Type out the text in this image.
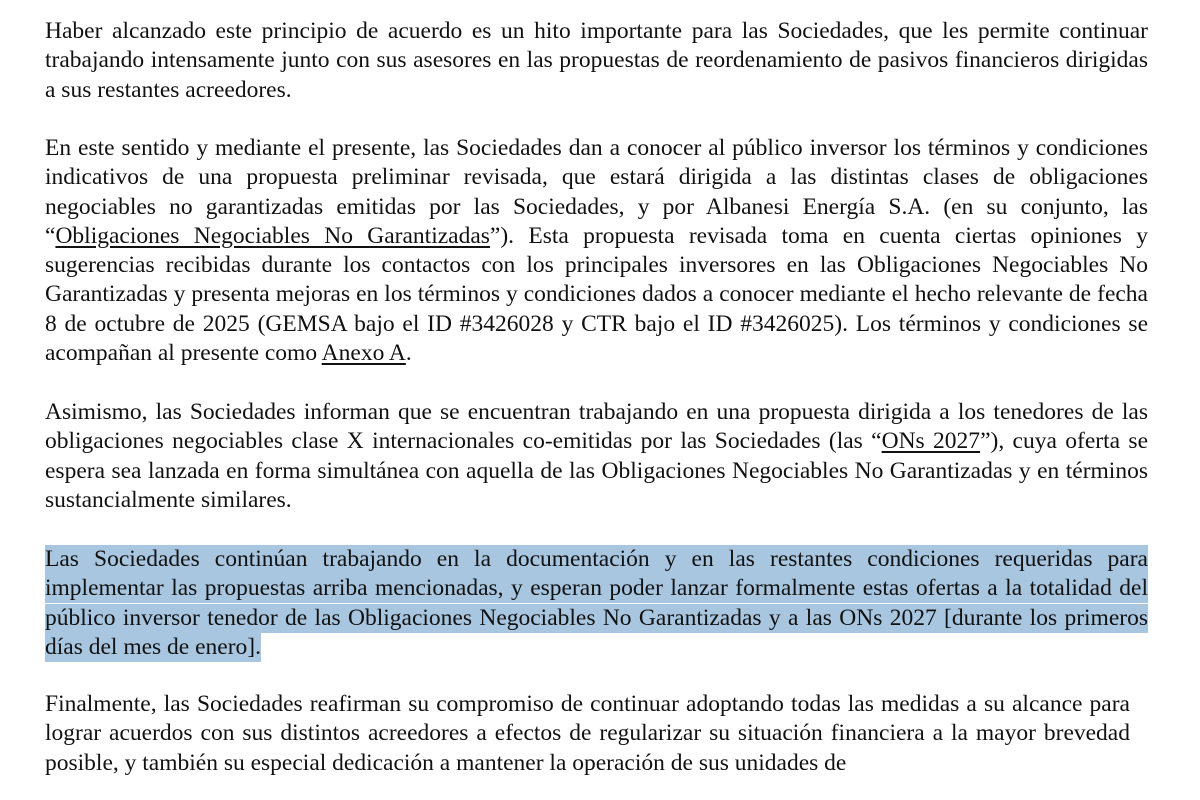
Haber alcanzado este principio de acuerdo es un hito importante para las Sociedades, que les permite continuar trabajando intensamente junto con sus asesores en las propuestas de reordenamiento de pasivos financieros dirigidas a sus restantes acreedores.

En este sentido y mediante el presente, las Sociedades dan a conocer al público inversor los términos y condiciones indicativos de una propuesta preliminar revisada, que estará dirigida a las distintas clases de obligaciones negociables no garantizadas emitidas por las Sociedades, y por Albanesi Energía S.A. (en su conjunto, las “Obligaciones Negociables No Garantizadas”). Esta propuesta revisada toma en cuenta ciertas opiniones y sugerencias recibidas durante los contactos con los principales inversores en las Obligaciones Negociables No Garantizadas y presenta mejoras en los términos y condiciones dados a conocer mediante el hecho relevante de fecha 8 de octubre de 2025 (GEMSA bajo el ID #3426028 y CTR bajo el ID #3426025). Los términos y condiciones se acompañan al presente como Anexo A.

Asimismo, las Sociedades informan que se encuentran trabajando en una propuesta dirigida a los tenedores de las obligaciones negociables clase X internacionales co-emitidas por las Sociedades (las “ONs 2027”), cuya oferta se espera sea lanzada en forma simultánea con aquella de las Obligaciones Negociables No Garantizadas y en términos sustancialmente similares.

Las Sociedades continúan trabajando en la documentación y en las restantes condiciones requeridas para implementar las propuestas arriba mencionadas, y esperan poder lanzar formalmente estas ofertas a la totalidad del público inversor tenedor de las Obligaciones Negociables No Garantizadas y a las ONs 2027 [durante los primeros días del mes de enero].

Finalmente, las Sociedades reafirman su compromiso de continuar adoptando todas las medidas a su alcance para lograr acuerdos con sus distintos acreedores a efectos de regularizar su situación financiera a la mayor brevedad posible, y también su especial dedicación a mantener la operación de sus unidades de
